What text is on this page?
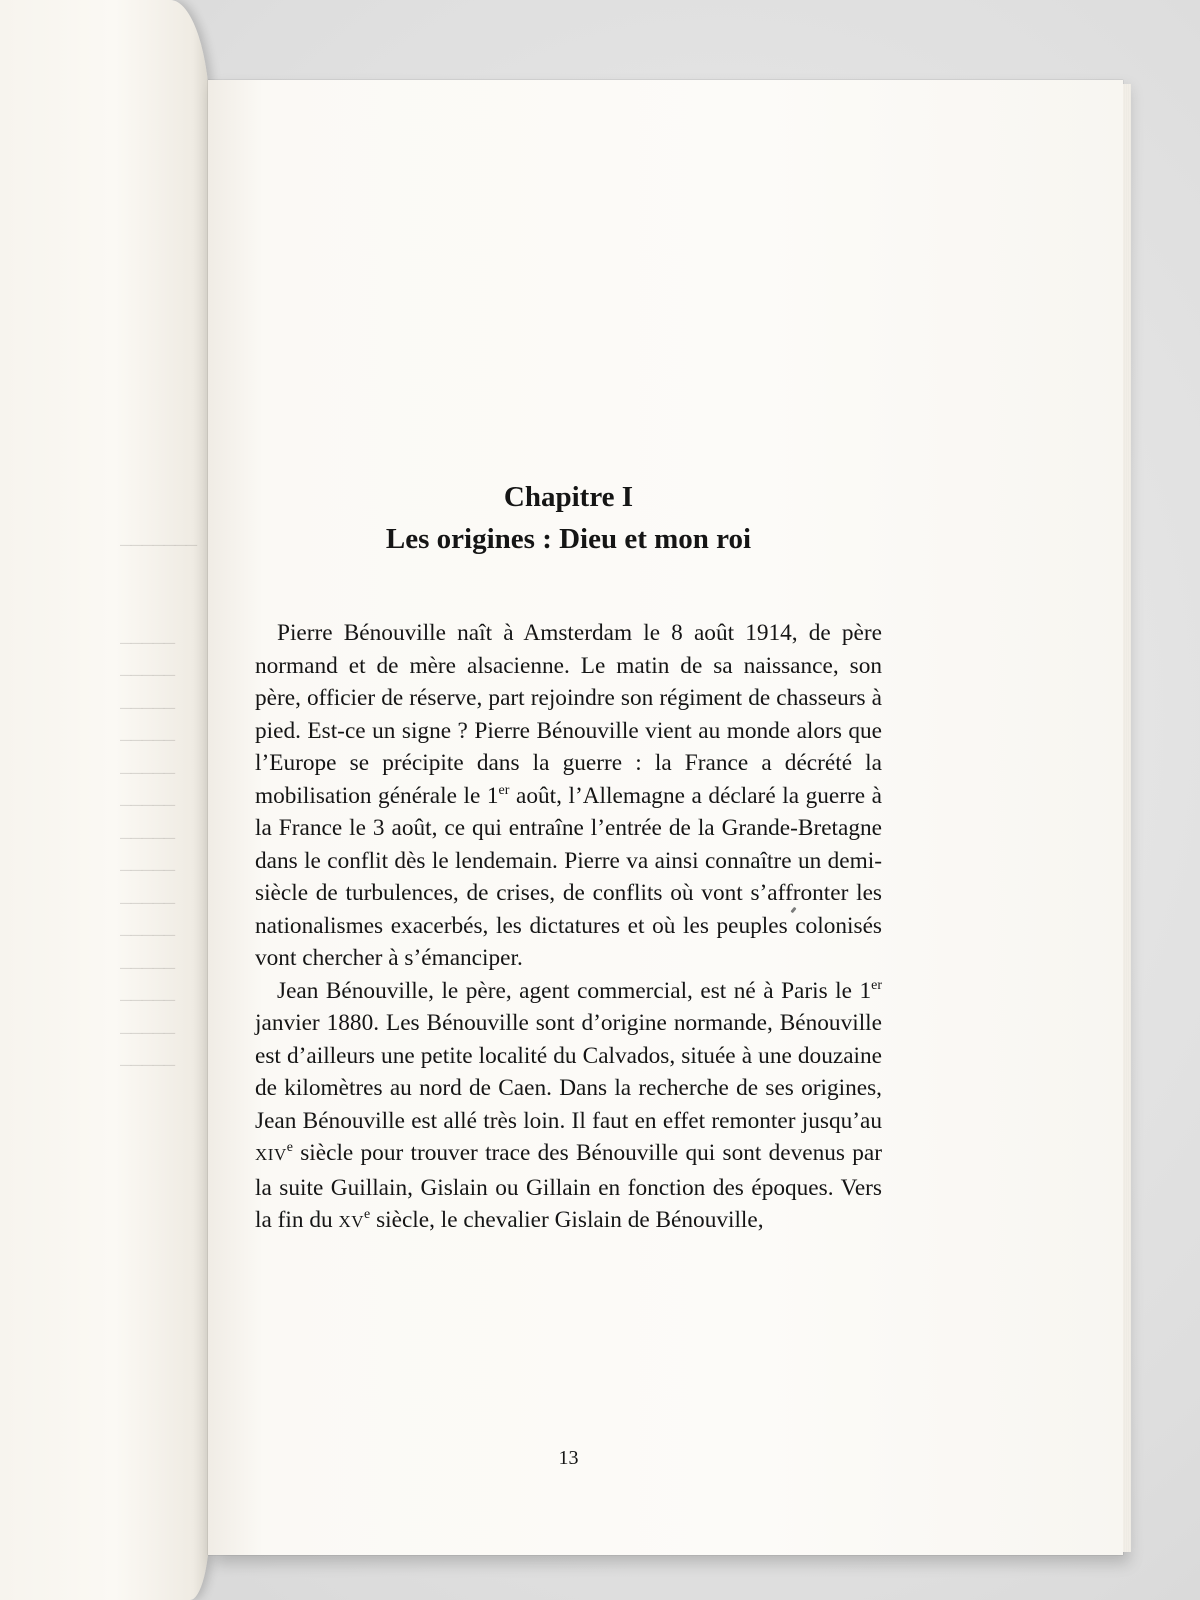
_______

_____
_____
_____
_____
_____
_____
_____
_____
_____
_____
_____
_____
_____
_____
Chapitre I
Les origines : Dieu et mon roi

Pierre Bénouville naît à Amsterdam le 8 août 1914, de père normand et de mère alsacienne. Le matin de sa naissance, son père, officier de réserve, part rejoindre son régiment de chasseurs à pied. Est-ce un signe ? Pierre Bénouville vient au monde alors que l’Europe se précipite dans la guerre : la France a décrété la mobilisation générale le 1er août, l’Allemagne a déclaré la guerre à la France le 3 août, ce qui entraîne l’entrée de la Grande-Bretagne dans le conflit dès le lendemain. Pierre va ainsi connaître un demi-siècle de turbulences, de crises, de conflits où vont s’affronter les nationalismes exacerbés, les dictatures et où les peuples colonisés vont chercher à s’émanciper.

Jean Bénouville, le père, agent commercial, est né à Paris le 1er janvier 1880. Les Bénouville sont d’origine normande, Bénouville est d’ailleurs une petite localité du Calvados, située à une douzaine de kilomètres au nord de Caen. Dans la recherche de ses origines, Jean Bénouville est allé très loin. Il faut en effet remonter jusqu’au XIVe siècle pour trouver trace des Bénouville qui sont devenus par la suite Guillain, Gislain ou Gillain en fonction des époques. Vers la fin du XVe siècle, le chevalier Gislain de Bénouville,

13
